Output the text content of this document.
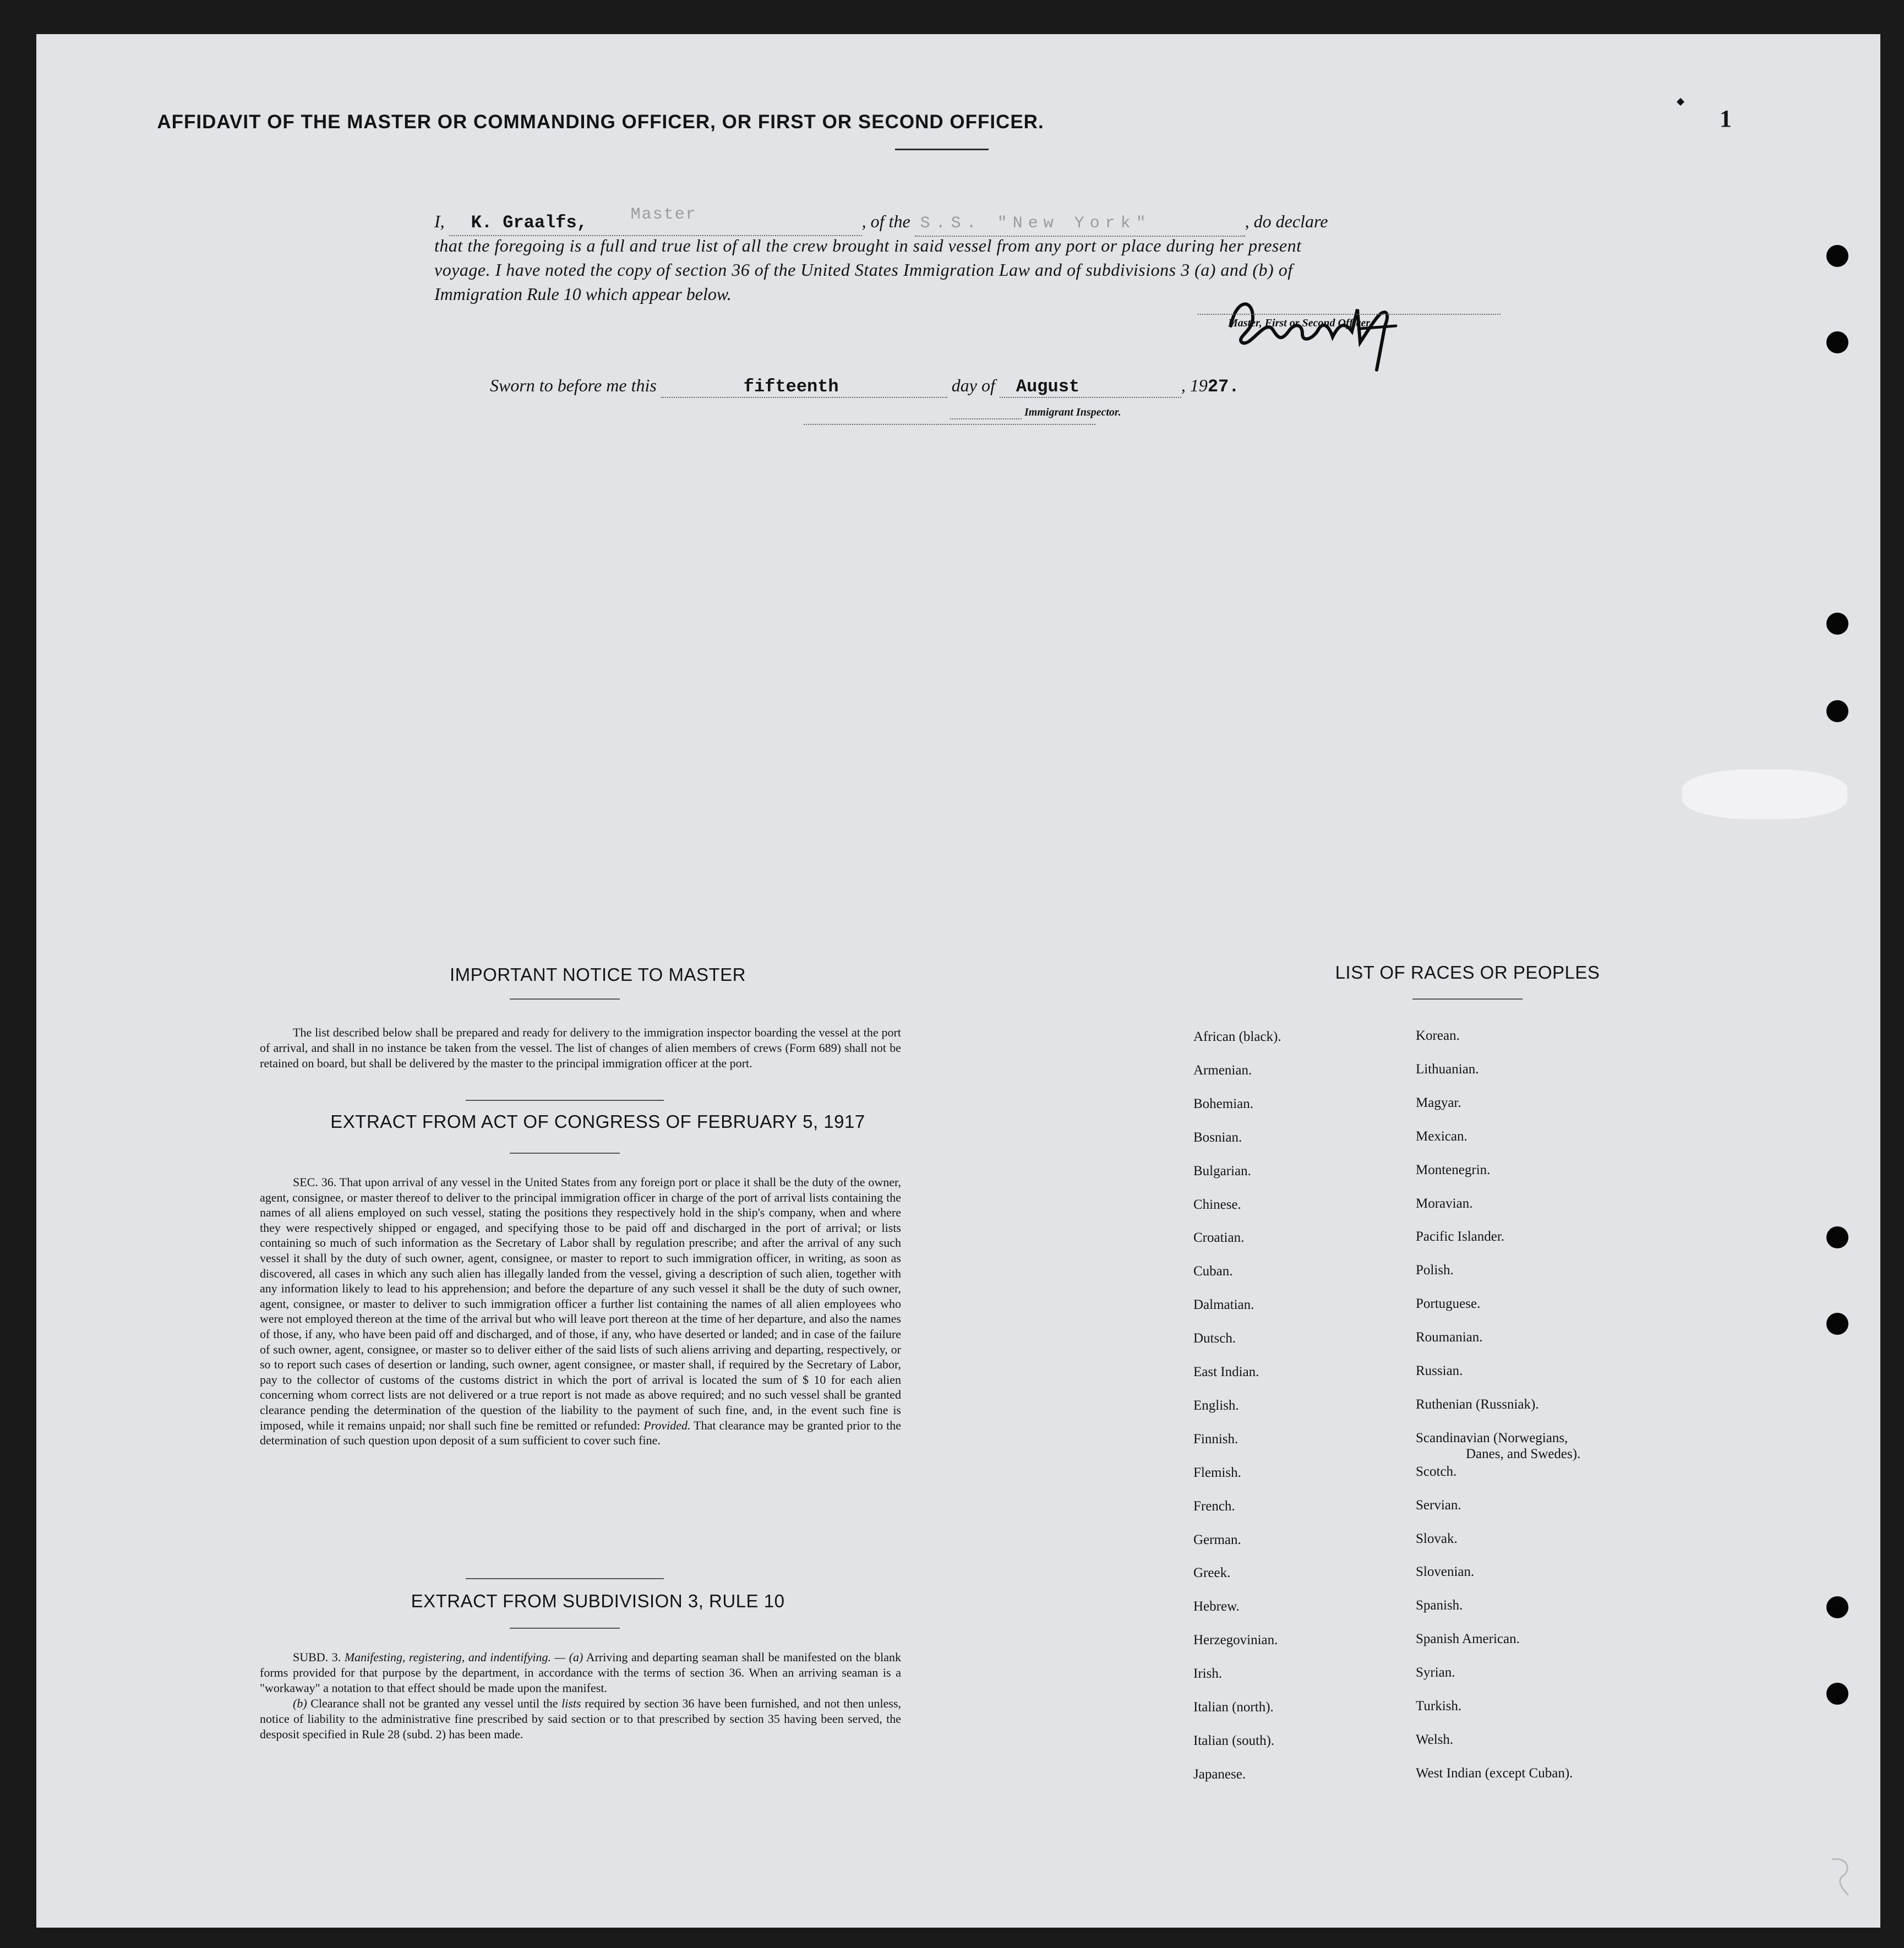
AFFIDAVIT OF THE MASTER OR COMMANDING OFFICER, OR FIRST OR SECOND OFFICER.	1
I, K. Graalfs,	Master	, of the S.S. "New York"	, do declare
that the foregoing is a full and true list of all the crew brought in said vessel from any port or place during her present
voyage. I have noted the copy of section 36 of the United States Immigration Law and of subdivisions 3 (a) and (b) of
Immigration Rule 10 which appear below.
Master, First or Second Officer.
Sworn to before me this	fifteenth	day of August	, 1927.
Immigrant Inspector.
IMPORTANT NOTICE TO MASTER

The list described below shall be prepared and ready for delivery to the immigration inspector boarding the vessel at the port of arrival, and shall in no instance be taken from the vessel. The list of changes of alien members of crews (Form 689) shall not be retained on board, but shall be delivered by the master to the principal immigration officer at the port.

EXTRACT FROM ACT OF CONGRESS OF FEBRUARY 5, 1917

SEC. 36. That upon arrival of any vessel in the United States from any foreign port or place it shall be the duty of the owner, agent, consignee, or master thereof to deliver to the principal immigration officer in charge of the port of arrival lists containing the names of all aliens employed on such vessel, stating the positions they respectively hold in the ship's company, when and where they were respectively shipped or engaged, and specifying those to be paid off and discharged in the port of arrival; or lists containing so much of such information as the Secretary of Labor shall by regulation prescribe; and after the arrival of any such vessel it shall by the duty of such owner, agent, consignee, or master to report to such immigration officer, in writing, as soon as discovered, all cases in which any such alien has illegally landed from the vessel, giving a description of such alien, together with any information likely to lead to his apprehension; and before the departure of any such vessel it shall be the duty of such owner, agent, consignee, or master to deliver to such immigration officer a further list containing the names of all alien employees who were not employed thereon at the time of the arrival but who will leave port thereon at the time of her departure, and also the names of those, if any, who have been paid off and discharged, and of those, if any, who have deserted or landed; and in case of the failure of such owner, agent, consignee, or master so to deliver either of the said lists of such aliens arriving and departing, respectively, or so to report such cases of desertion or landing, such owner, agent consignee, or master shall, if required by the Secretary of Labor, pay to the collector of customs of the customs district in which the port of arrival is located the sum of $ 10 for each alien concerning whom correct lists are not delivered or a true report is not made as above required; and no such vessel shall be granted clearance pending the determination of the question of the liability to the payment of such fine, and, in the event such fine is imposed, while it remains unpaid; nor shall such fine be remitted or refunded: Provided. That clearance may be granted prior to the determination of such question upon deposit of a sum sufficient to cover such fine.

EXTRACT FROM SUBDIVISION 3, RULE 10

SUBD. 3. Manifesting, registering, and indentifying. — (a) Arriving and departing seaman shall be manifested on the blank forms provided for that purpose by the department, in accordance with the terms of section 36. When an arriving seaman is a "workaway" a notation to that effect should be made upon the manifest.

(b) Clearance shall not be granted any vessel until the lists required by section 36 have been furnished, and not then unless, notice of liability to the administrative fine prescribed by said section or to that prescribed by section 35 having been served, the desposit specified in Rule 28 (subd. 2) has been made.

LIST OF RACES OR PEOPLES
African (black).
Armenian.
Bohemian.
Bosnian.
Bulgarian.
Chinese.
Croatian.
Cuban.
Dalmatian.
Dutsch.
East Indian.
English.
Finnish.
Flemish.
French.
German.
Greek.
Hebrew.
Herzegovinian.
Irish.
Italian (north).
Italian (south).
Japanese.
Korean.
Lithuanian.
Magyar.
Mexican.
Montenegrin.
Moravian.
Pacific Islander.
Polish.
Portuguese.
Roumanian.
Russian.
Ruthenian (Russniak).
Scandinavian (Norwegians,
Scotch.
Servian.
Slovak.
Slovenian.
Spanish.
Spanish American.
Syrian.
Turkish.
Welsh.
West Indian (except Cuban).
Danes, and Swedes).
